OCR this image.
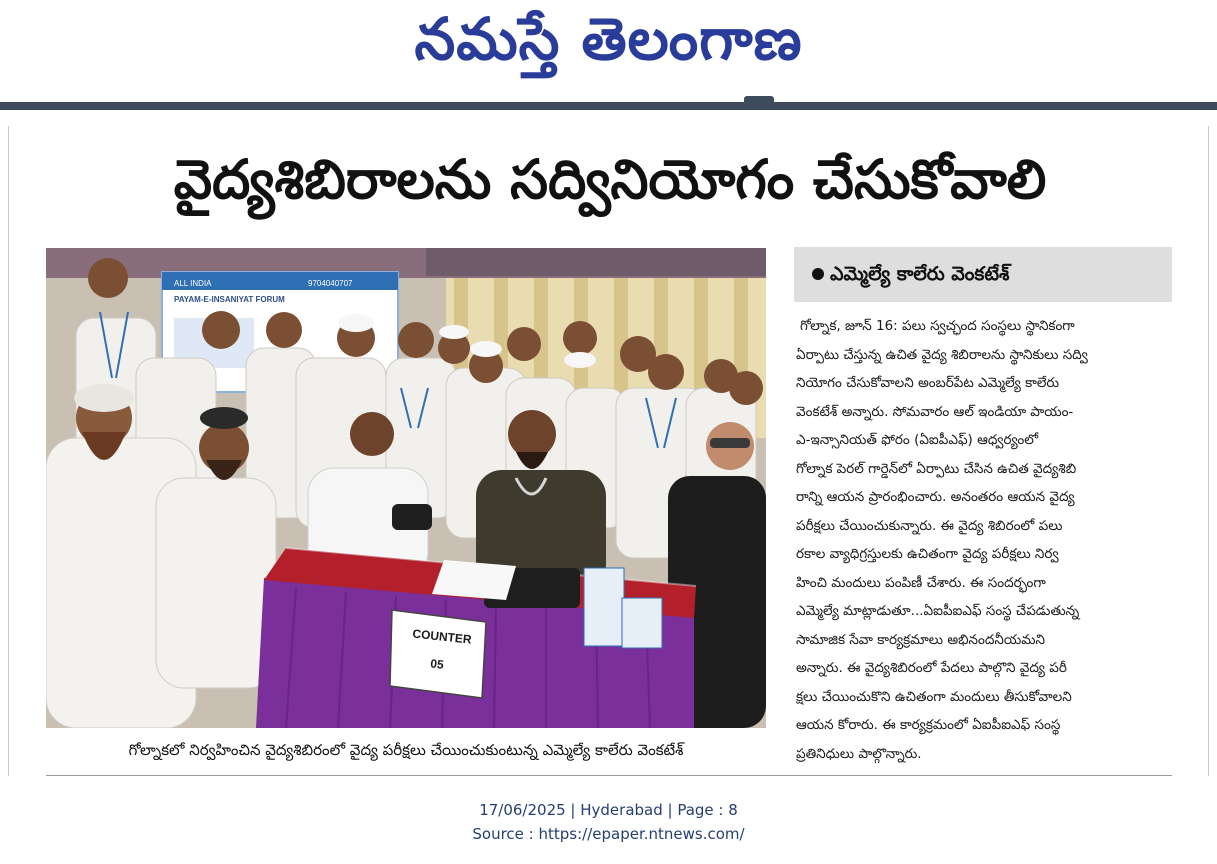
నమస్తే తెలంగాణ
వైద్యశిబిరాలను సద్వినియోగం చేసుకోవాలి
ALL INDIA
PAYAM-E-INSANIYAT FORUM
9704040707
COUNTER
05
గోల్నాకలో నిర్వహించిన వైద్యశిబిరంలో వైద్య పరీక్షలు చేయించుకుంటున్న ఎమ్మెల్యే కాలేరు వెంకటేశ్
ఎమ్మెల్యే కాలేరు వెంకటేశ్
గోల్నాక, జూన్ 16: పలు స్వచ్ఛంద సంస్థలు స్థానికంగా
ఏర్పాటు చేస్తున్న ఉచిత వైద్య శిబిరాలను స్థానికులు సద్వి
నియోగం చేసుకోవాలని అంబర్‌పేట ఎమ్మెల్యే కాలేరు
వెంకటేశ్ అన్నారు. సోమవారం ఆల్ ఇండియా పాయం-
ఎ-ఇన్సానియత్ ఫోరం (ఏఐపీఎఫ్) ఆధ్వర్యంలో
గోల్నాక పెరల్ గార్డెన్‌లో ఏర్పాటు చేసిన ఉచిత వైద్యశిబి
రాన్ని ఆయన ప్రారంభించారు. అనంతరం ఆయన వైద్య
పరీక్షలు చేయించుకున్నారు. ఈ వైద్య శిబిరంలో పలు
రకాల వ్యాధిగ్రస్తులకు ఉచితంగా వైద్య పరీక్షలు నిర్వ
హించి మందులు పంపిణీ చేశారు. ఈ సందర్భంగా
ఎమ్మెల్యే మాట్లాడుతూ...ఏఐపీఐఎఫ్ సంస్థ చేపడుతున్న
సామాజిక సేవా కార్యక్రమాలు అభినందనీయమని
అన్నారు. ఈ వైద్యశిబిరంలో పేదలు పాల్గొని వైద్య పరీ
క్షలు చేయించుకొని ఉచితంగా మందులు తీసుకోవాలని
ఆయన కోరారు. ఈ కార్యక్రమంలో ఏఐపీఐఎఫ్ సంస్థ
ప్రతినిధులు పాల్గొన్నారు.
17/06/2025 | Hyderabad | Page : 8
Source : https://epaper.ntnews.com/
